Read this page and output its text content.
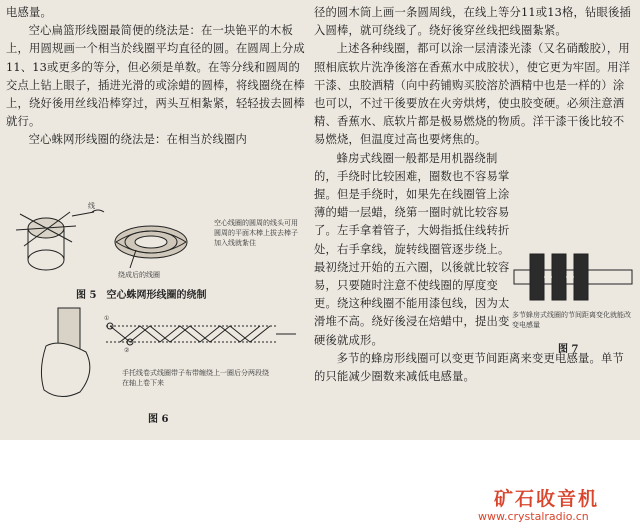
电感量。

空心扁篮形线圈最简便的绕法是：在一块铯平的木板上，用圆规画一个相当於线圈平均直径的圆。在圆周上分成11、13或更多的等分，但必须是单数。在等分线和圆周的交点上钻上眼子，插进光滑的或涂蜡的圆棒，将线圈绕在棒上，绕好後用丝线沿棒穿过，两头互相紮紧，轻轻拔去圆棒就行。

空心蛛网形线圈的绕法是：在相当於线圈内

线
空心线圈的圆周的线头可用圆周的平面木棒上拔去棒子加入线就紮住
绕成后的线圈
图 5　空心蛛网形线圈的绕制
①
②
手托线卷式线圈带子布带缠绕上一圈后分两段绕在轴上卷下来
图 6

径的圆木筒上画一条圆周线，在线上等分11或13格，钻眼後插入圆棒，就可绕线了。绕好後穿丝线把线圈紮紧。

上述各种线圈，都可以涂一层清漆光漆（又名硝酸胶），用照相底软片洗净後溶在香蕉水中成胶状），使它更为牢固。用洋干漆、虫胶酒精（向中药铺购买胶溶於酒精中也是一样的）涂也可以，不过干後要放在火旁烘烤，使虫胶变硬。必须注意酒精、香蕉水、底软片都是极易燃烧的物质。洋干漆干後比较不易燃烧，但温度过高也要烤焦的。

蜂房式线圈一般都是用机器绕制的，手绕时比较困难，圈数也不容易掌握。但是手绕时，如果先在线圈管上涂薄的蜡一层蜡，绕第一圈时就比较容易了。左手拿着管子，大姆指抵住线转折处，右手拿线，旋转线圈管逐步绕上。最初绕过开始的五六圈，以後就比较容易，只要随时注意不使线圈的厚度变更。绕这种线圈不能用漆包线，因为太滑堆不高。绕好後浸在焙蜡中，提出变硬後就成形。

多节的蜂房形线圈可以变更节间距离来变更电感量。单节的只能减少圈数来减低电感量。

多节蜂房式线圈的节间距离变化就能改变电感量
图 7
矿石收音机
www.crystalradio.cn
